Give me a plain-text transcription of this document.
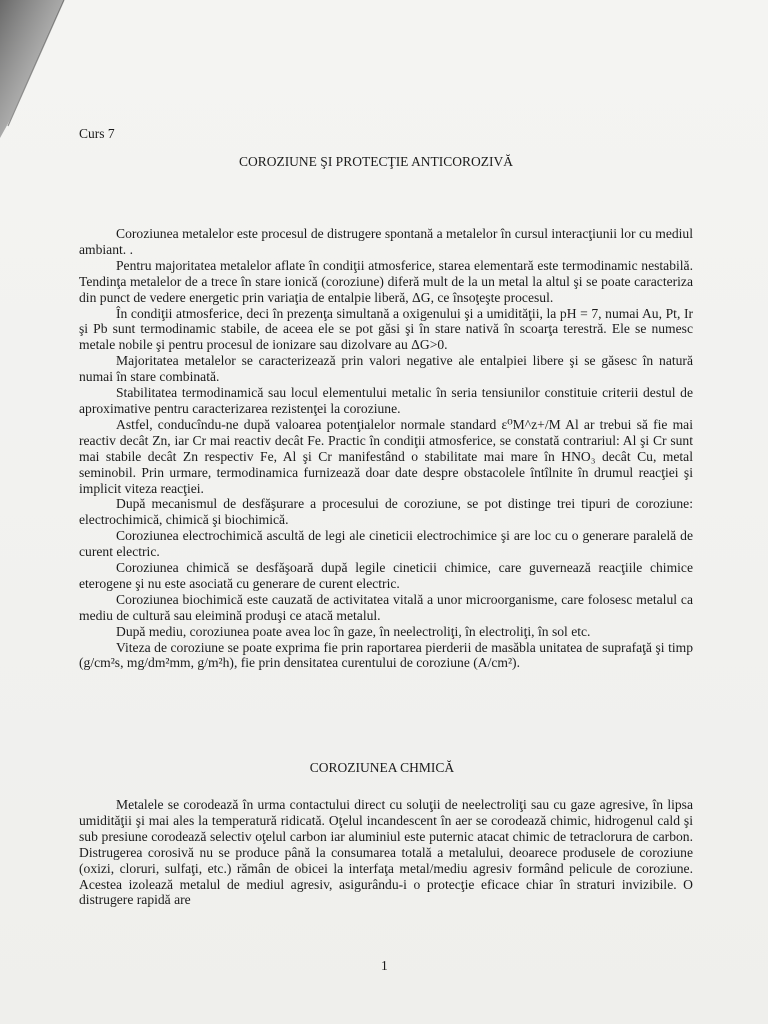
Curs 7
COROZIUNE ŞI PROTECŢIE ANTICOROZIVĂ

Coroziunea metalelor este procesul de distrugere spontană a metalelor în cursul interacţiunii lor cu mediul ambiant. .

Pentru majoritatea metalelor aflate în condiţii atmosferice, starea elementară este termodinamic nestabilă. Tendinţa metalelor de a trece în stare ionică (coroziune) diferă mult de la un metal la altul şi se poate caracteriza din punct de vedere energetic prin variaţia de entalpie liberă, ΔG, ce însoţeşte procesul.

În condiţii atmosferice, deci în prezenţa simultană a oxigenului şi a umidităţii, la pH = 7, numai Au, Pt, Ir şi Pb sunt termodinamic stabile, de aceea ele se pot găsi şi în stare nativă în scoarţa terestră. Ele se numesc metale nobile şi pentru procesul de ionizare sau dizolvare au ΔG>0.

Majoritatea metalelor se caracterizează prin valori negative ale entalpiei libere şi se găsesc în natură numai în stare combinată.

Stabilitatea termodinamică sau locul elementului metalic în seria tensiunilor constituie criterii destul de aproximative pentru caracterizarea rezistenţei la coroziune.

Astfel, conducîndu-ne după valoarea potenţialelor normale standard ε⁰M^z+/M Al ar trebui să fie mai reactiv decât Zn, iar Cr mai reactiv decât Fe. Practic în condiţii atmosferice, se constată contrariul: Al şi Cr sunt mai stabile decât Zn respectiv Fe, Al şi Cr manifestând o stabilitate mai mare în HNO₃ decât Cu, metal seminobil. Prin urmare, termodinamica furnizează doar date despre obstacolele întîlnite în drumul reacţiei şi implicit viteza reacţiei.

După mecanismul de desfăşurare a procesului de coroziune, se pot distinge trei tipuri de coroziune: electrochimică, chimică şi biochimică.

Coroziunea electrochimică ascultă de legi ale cineticii electrochimice şi are loc cu o generare paralelă de curent electric.

Coroziunea chimică se desfăşoară după legile cineticii chimice, care guvernează reacţiile chimice eterogene şi nu este asociată cu generare de curent electric.

Coroziunea biochimică este cauzată de activitatea vitală a unor microorganisme, care folosesc metalul ca mediu de cultură sau eleimină produşi ce atacă metalul.

După mediu, coroziunea poate avea loc în gaze, în neelectroliţi, în electroliţi, în sol etc.

Viteza de coroziune se poate exprima fie prin raportarea pierderii de masăbla unitatea de suprafaţă şi timp (g/cm²s, mg/dm²mm, g/m²h), fie prin densitatea curentului de coroziune (A/cm²).

COROZIUNEA CHMICĂ

Metalele se corodează în urma contactului direct cu soluţii de neelectroliţi sau cu gaze agresive, în lipsa umidităţii şi mai ales la temperatură ridicată. Oţelul incandescent în aer se corodează chimic, hidrogenul cald şi sub presiune corodează selectiv oţelul carbon iar aluminiul este puternic atacat chimic de tetraclorura de carbon. Distrugerea corosivă nu se produce până la consumarea totală a metalului, deoarece produsele de coroziune (oxizi, cloruri, sulfaţi, etc.) rămân de obicei la interfaţa metal/mediu agresiv formând pelicule de coroziune. Acestea izolează metalul de mediul agresiv, asigurându-i o protecţie eficace chiar în straturi invizibile. O distrugere rapidă are

1
